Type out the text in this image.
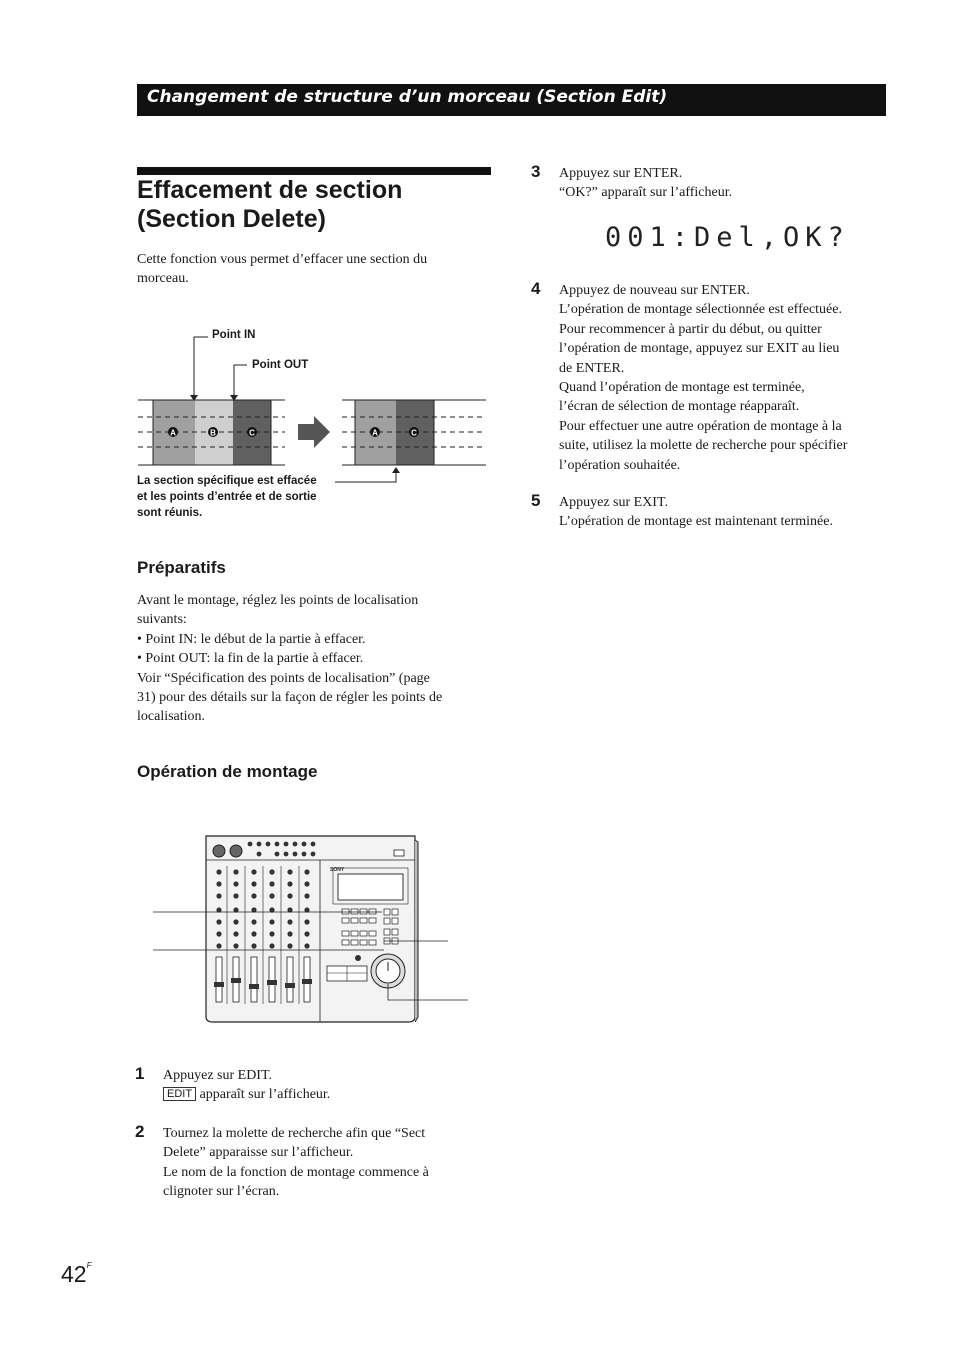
Changement de structure d’un morceau (Section Edit)
Effacement de section (Section Delete)
Cette fonction vous permet d’effacer une section du
morceau.
Point IN
Point OUT
A	B	C	A	C
La section spécifique est effacée
et les points d’entrée et de sortie
sont réunis.
Préparatifs
Avant le montage, réglez les points de localisation
suivants:
• Point IN: le début de la partie à effacer.
• Point OUT: la fin de la partie à effacer.
Voir “Spécification des points de localisation” (page
31) pour des détails sur la façon de régler les points de
localisation.
Opération de montage
SONY
1 Appuyez sur EDIT.
EDIT apparaît sur l’afficheur.
2 Tournez la molette de recherche afin que “Sect
Delete” apparaisse sur l’afficheur.
Le nom de la fonction de montage commence à
clignoter sur l’écran.
3 Appuyez sur ENTER.
“OK?” apparaît sur l’afficheur.
001:Del,OK?
4 Appuyez de nouveau sur ENTER.
L’opération de montage sélectionnée est effectuée.
Pour recommencer à partir du début, ou quitter
l’opération de montage, appuyez sur EXIT au lieu
de ENTER.
Quand l’opération de montage est terminée,
l’écran de sélection de montage réapparaît.
Pour effectuer une autre opération de montage à la
suite, utilisez la molette de recherche pour spécifier
l’opération souhaitée.
5 Appuyez sur EXIT.
L’opération de montage est maintenant terminée.
$42^F$
